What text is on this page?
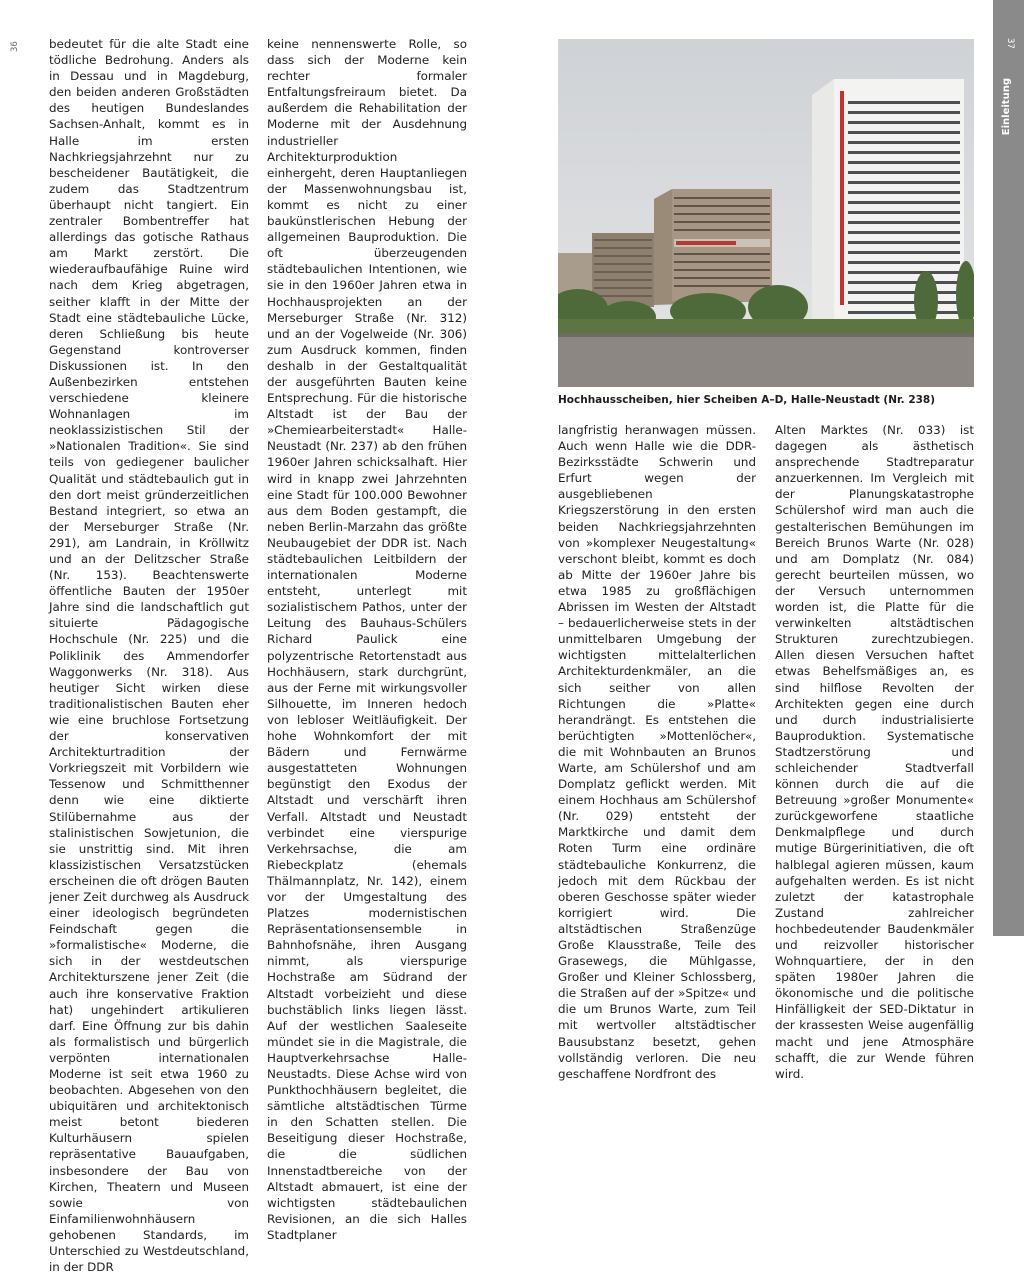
36 bedeutet für die alte Stadt eine tödliche Bedrohung. Anders als in Dessau und in Magdeburg, den beiden anderen Großstädten des heutigen Bundeslandes Sachsen-Anhalt, kommt es in Halle im ersten Nachkriegsjahrzehnt nur zu bescheidener Bautätigkeit, die zudem das Stadtzentrum überhaupt nicht tangiert. Ein zentraler Bombentreffer hat allerdings das gotische Rathaus am Markt zerstört. Die wiederaufbaufähige Ruine wird nach dem Krieg abgetragen, seither klafft in der Mitte der Stadt eine städtebauliche Lücke, deren Schließung bis heute Gegenstand kontroverser Diskussionen ist. In den Außenbezirken entstehen verschiedene kleinere Wohnanlagen im neoklassizistischen Stil der »Nationalen Tradition«. Sie sind teils von gediegener baulicher Qualität und städtebaulich gut in den dort meist gründerzeitlichen Bestand integriert, so etwa an der Merseburger Straße (Nr. 291), am Landrain, in Kröllwitz und an der Delitzscher Straße (Nr. 153). Beachtenswerte öffentliche Bauten der 1950er Jahre sind die landschaftlich gut situierte Pädagogische Hochschule (Nr. 225) und die Poliklinik des Ammendorfer Waggonwerks (Nr. 318). Aus heutiger Sicht wirken diese traditionalistischen Bauten eher wie eine bruchlose Fortsetzung der konservativen Architekturtradition der Vorkriegszeit mit Vorbildern wie Tessenow und Schmitthenner denn wie eine diktierte Stilübernahme aus der stalinistischen Sowjetunion, die sie unstrittig sind. Mit ihren klassizistischen Versatzstücken erscheinen die oft drögen Bauten jener Zeit durchweg als Ausdruck einer ideologisch begründeten Feindschaft gegen die »formalistische« Moderne, die sich in der westdeutschen Architekturszene jener Zeit (die auch ihre konservative Fraktion hat) ungehindert artikulieren darf. Eine Öffnung zur bis dahin als formalistisch und bürgerlich verpönten internationalen Moderne ist seit etwa 1960 zu beobachten. Abgesehen von den ubiquitären und architektonisch meist betont biederen Kulturhäusern spielen repräsentative Bauaufgaben, insbesondere der Bau von Kirchen, Theatern und Museen sowie von Einfamilienwohnhäusern gehobenen Standards, im Unterschied zu Westdeutschland, in der DDR

keine nennenswerte Rolle, so dass sich der Moderne kein rechter formaler Entfaltungsfreiraum bietet. Da außerdem die Rehabilitation der Moderne mit der Ausdehnung industrieller Architekturproduktion einhergeht, deren Hauptanliegen der Massenwohnungsbau ist, kommt es nicht zu einer baukünstlerischen Hebung der allgemeinen Bauproduktion. Die oft überzeugenden städtebaulichen Intentionen, wie sie in den 1960er Jahren etwa in Hochhausprojekten an der Merseburger Straße (Nr. 312) und an der Vogelweide (Nr. 306) zum Ausdruck kommen, finden deshalb in der Gestaltqualität der ausgeführten Bauten keine Entsprechung. Für die historische Altstadt ist der Bau der »Chemiearbeiterstadt« Halle-Neustadt (Nr. 237) ab den frühen 1960er Jahren schicksalhaft. Hier wird in knapp zwei Jahrzehnten eine Stadt für 100.000 Bewohner aus dem Boden gestampft, die neben Berlin-Marzahn das größte Neubaugebiet der DDR ist. Nach städtebaulichen Leitbildern der internationalen Moderne entsteht, unterlegt mit sozialistischem Pathos, unter der Leitung des Bauhaus-Schülers Richard Paulick eine polyzentrische Retortenstadt aus Hochhäusern, stark durchgrünt, aus der Ferne mit wirkungsvoller Silhouette, im Inneren hedoch von lebloser Weitläufigkeit. Der hohe Wohnkomfort der mit Bädern und Fernwärme ausgestatteten Wohnungen begünstigt den Exodus der Altstadt und verschärft ihren Verfall. Altstadt und Neustadt verbindet eine vierspurige Verkehrsachse, die am Riebeckplatz (ehemals Thälmannplatz, Nr. 142), einem vor der Umgestaltung des Platzes modernistischen Repräsentationsensemble in Bahnhofsnähe, ihren Ausgang nimmt, als vierspurige Hochstraße am Südrand der Altstadt vorbeizieht und diese buchstäblich links liegen lässt. Auf der westlichen Saaleseite mündet sie in die Magistrale, die Hauptverkehrsachse Halle-Neustadts. Diese Achse wird von Punkthochhäusern begleitet, die sämtliche altstädtischen Türme in den Schatten stellen. Die Beseitigung dieser Hochstraße, die die südlichen Innenstadtbereiche von der Altstadt abmauert, ist eine der wichtigsten städtebaulichen Revisionen, an die sich Halles Stadtplaner

Hochhausscheiben, hier Scheiben A–D, Halle-Neustadt (Nr. 238)

langfristig heranwagen müssen. Auch wenn Halle wie die DDR-Bezirksstädte Schwerin und Erfurt wegen der ausgebliebenen Kriegszerstörung in den ersten beiden Nachkriegsjahrzehnten von »komplexer Neugestaltung« verschont bleibt, kommt es doch ab Mitte der 1960er Jahre bis etwa 1985 zu großflächigen Abrissen im Westen der Altstadt – bedauerlicherweise stets in der unmittelbaren Umgebung der wichtigsten mittelalterlichen Architekturdenkmäler, an die sich seither von allen Richtungen die »Platte« herandrängt. Es entstehen die berüchtigten »Mottenlöcher«, die mit Wohnbauten an Brunos Warte, am Schülershof und am Domplatz geflickt werden. Mit einem Hochhaus am Schülershof (Nr. 029) entsteht der Marktkirche und damit dem Roten Turm eine ordinäre städtebauliche Konkurrenz, die jedoch mit dem Rückbau der oberen Geschosse später wieder korrigiert wird. Die altstädtischen Straßenzüge Große Klausstraße, Teile des Grasewegs, die Mühlgasse, Großer und Kleiner Schlossberg, die Straßen auf der »Spitze« und die um Brunos Warte, zum Teil mit wertvoller altstädtischer Bausubstanz besetzt, gehen vollständig verloren. Die neu geschaffene Nordfront des

Alten Marktes (Nr. 033) ist dagegen als ästhetisch ansprechende Stadtreparatur anzuerkennen. Im Vergleich mit der Planungskatastrophe Schülershof wird man auch die gestalterischen Bemühungen im Bereich Brunos Warte (Nr. 028) und am Domplatz (Nr. 084) gerecht beurteilen müssen, wo der Versuch unternommen worden ist, die Platte für die verwinkelten altstädtischen Strukturen zurechtzubiegen. Allen diesen Versuchen haftet etwas Behelfsmäßiges an, es sind hilflose Revolten der Architekten gegen eine durch und durch industrialisierte Bauproduktion. Systematische Stadtzerstörung und schleichender Stadtverfall können durch die auf die Betreuung »großer Monumente« zurückgeworfene staatliche Denkmalpflege und durch mutige Bürgerinitiativen, die oft halblegal agieren müssen, kaum aufgehalten werden. Es ist nicht zuletzt der katastrophale Zustand zahlreicher hochbedeutender Baudenkmäler und reizvoller historischer Wohnquartiere, der in den späten 1980er Jahren die ökonomische und die politische Hinfälligkeit der SED-Diktatur in der krassesten Weise augenfällig macht und jene Atmosphäre schafft, die zur Wende führen wird.

37
Einleitung
